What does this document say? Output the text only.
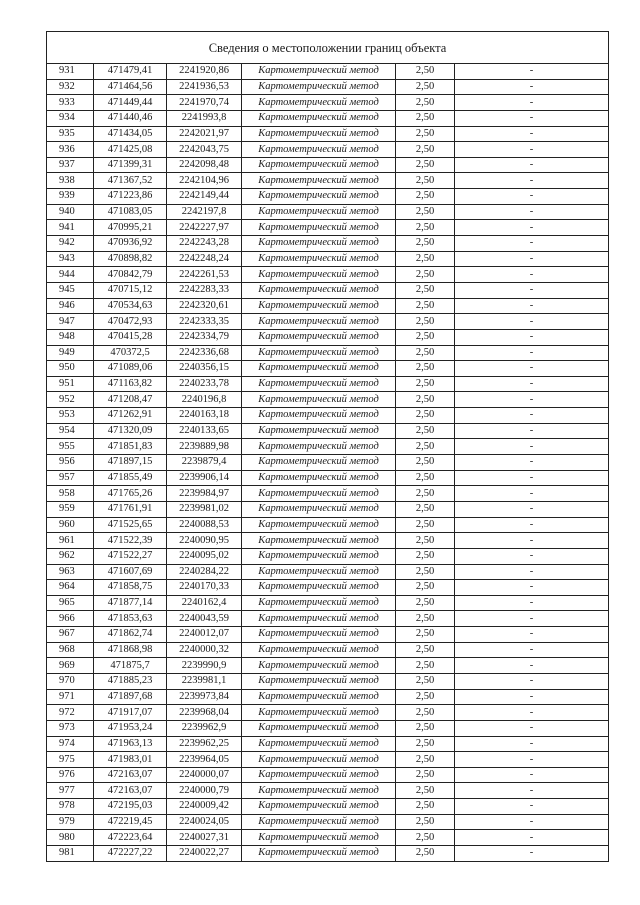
Сведения о местоположении границ объекта					
931	471479,41	2241920,86	Картометрический метод	2,50	-
932	471464,56	2241936,53	Картометрический метод	2,50	-
933	471449,44	2241970,74	Картометрический метод	2,50	-
934	471440,46	2241993,8	Картометрический метод	2,50	-
935	471434,05	2242021,97	Картометрический метод	2,50	-
936	471425,08	2242043,75	Картометрический метод	2,50	-
937	471399,31	2242098,48	Картометрический метод	2,50	-
938	471367,52	2242104,96	Картометрический метод	2,50	-
939	471223,86	2242149,44	Картометрический метод	2,50	-
940	471083,05	2242197,8	Картометрический метод	2,50	-
941	470995,21	2242227,97	Картометрический метод	2,50	-
942	470936,92	2242243,28	Картометрический метод	2,50	-
943	470898,82	2242248,24	Картометрический метод	2,50	-
944	470842,79	2242261,53	Картометрический метод	2,50	-
945	470715,12	2242283,33	Картометрический метод	2,50	-
946	470534,63	2242320,61	Картометрический метод	2,50	-
947	470472,93	2242333,35	Картометрический метод	2,50	-
948	470415,28	2242334,79	Картометрический метод	2,50	-
949	470372,5	2242336,68	Картометрический метод	2,50	-
950	471089,06	2240356,15	Картометрический метод	2,50	-
951	471163,82	2240233,78	Картометрический метод	2,50	-
952	471208,47	2240196,8	Картометрический метод	2,50	-
953	471262,91	2240163,18	Картометрический метод	2,50	-
954	471320,09	2240133,65	Картометрический метод	2,50	-
955	471851,83	2239889,98	Картометрический метод	2,50	-
956	471897,15	2239879,4	Картометрический метод	2,50	-
957	471855,49	2239906,14	Картометрический метод	2,50	-
958	471765,26	2239984,97	Картометрический метод	2,50	-
959	471761,91	2239981,02	Картометрический метод	2,50	-
960	471525,65	2240088,53	Картометрический метод	2,50	-
961	471522,39	2240090,95	Картометрический метод	2,50	-
962	471522,27	2240095,02	Картометрический метод	2,50	-
963	471607,69	2240284,22	Картометрический метод	2,50	-
964	471858,75	2240170,33	Картометрический метод	2,50	-
965	471877,14	2240162,4	Картометрический метод	2,50	-
966	471853,63	2240043,59	Картометрический метод	2,50	-
967	471862,74	2240012,07	Картометрический метод	2,50	-
968	471868,98	2240000,32	Картометрический метод	2,50	-
969	471875,7	2239990,9	Картометрический метод	2,50	-
970	471885,23	2239981,1	Картометрический метод	2,50	-
971	471897,68	2239973,84	Картометрический метод	2,50	-
972	471917,07	2239968,04	Картометрический метод	2,50	-
973	471953,24	2239962,9	Картометрический метод	2,50	-
974	471963,13	2239962,25	Картометрический метод	2,50	-
975	471983,01	2239964,05	Картометрический метод	2,50	-
976	472163,07	2240000,07	Картометрический метод	2,50	-
977	472163,07	2240000,79	Картометрический метод	2,50	-
978	472195,03	2240009,42	Картометрический метод	2,50	-
979	472219,45	2240024,05	Картометрический метод	2,50	-
980	472223,64	2240027,31	Картометрический метод	2,50	-
981	472227,22	2240022,27	Картометрический метод	2,50	-
